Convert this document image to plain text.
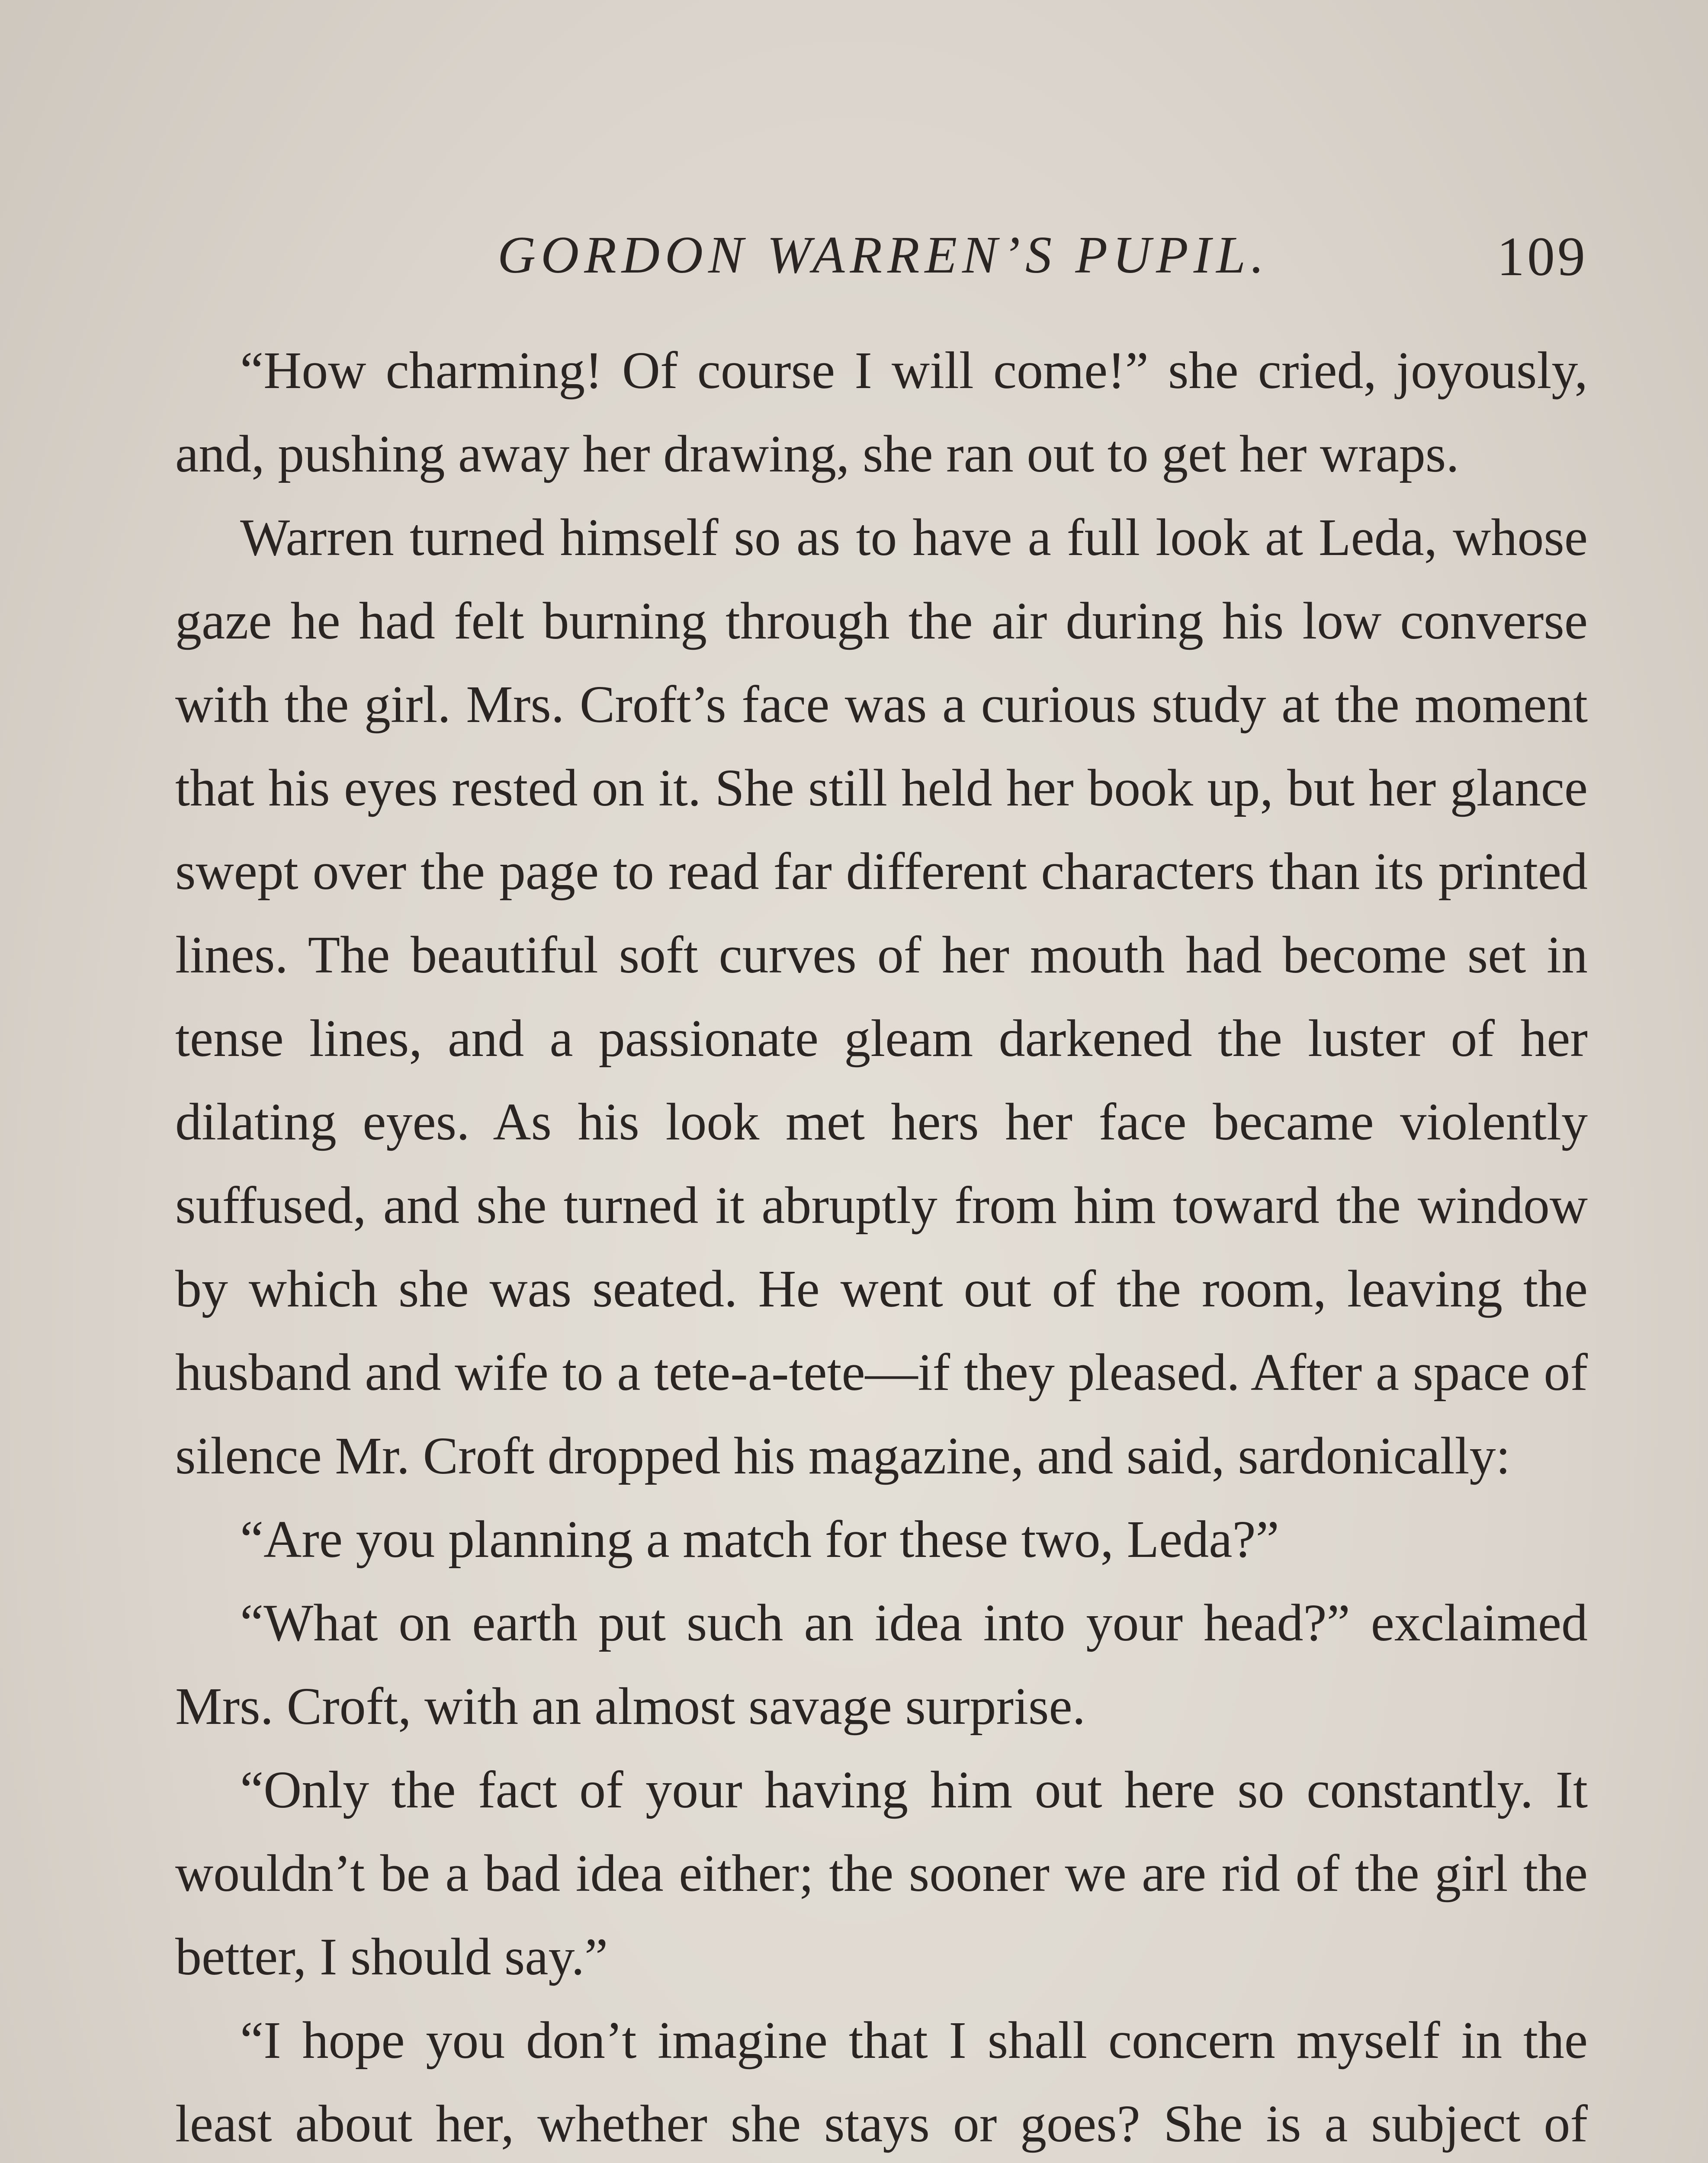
GORDON WARREN’S PUPIL.	109

“How charming! Of course I will come!” she cried, joyously, and, pushing away her drawing, she ran out to get her wraps.

Warren turned himself so as to have a full look at Leda, whose gaze he had felt burning through the air during his low converse with the girl. Mrs. Croft’s face was a curious study at the moment that his eyes rested on it. She still held her book up, but her glance swept over the page to read far different characters than its printed lines. The beautiful soft curves of her mouth had become set in tense lines, and a passionate gleam darkened the luster of her dilating eyes. As his look met hers her face became violently suffused, and she turned it abruptly from him toward the window by which she was seated. He went out of the room, leaving the husband and wife to a tete-a-tete—if they pleased. After a space of silence Mr. Croft dropped his magazine, and said, sardonically:

“Are you planning a match for these two, Leda?”

“What on earth put such an idea into your head?” exclaimed Mrs. Croft, with an almost savage surprise.

“Only the fact of your having him out here so constantly. It wouldn’t be a bad idea either; the sooner we are rid of the girl the better, I should say.”

“I hope you don’t imagine that I shall concern myself in the least about her, whether she stays or goes? She is a subject of
